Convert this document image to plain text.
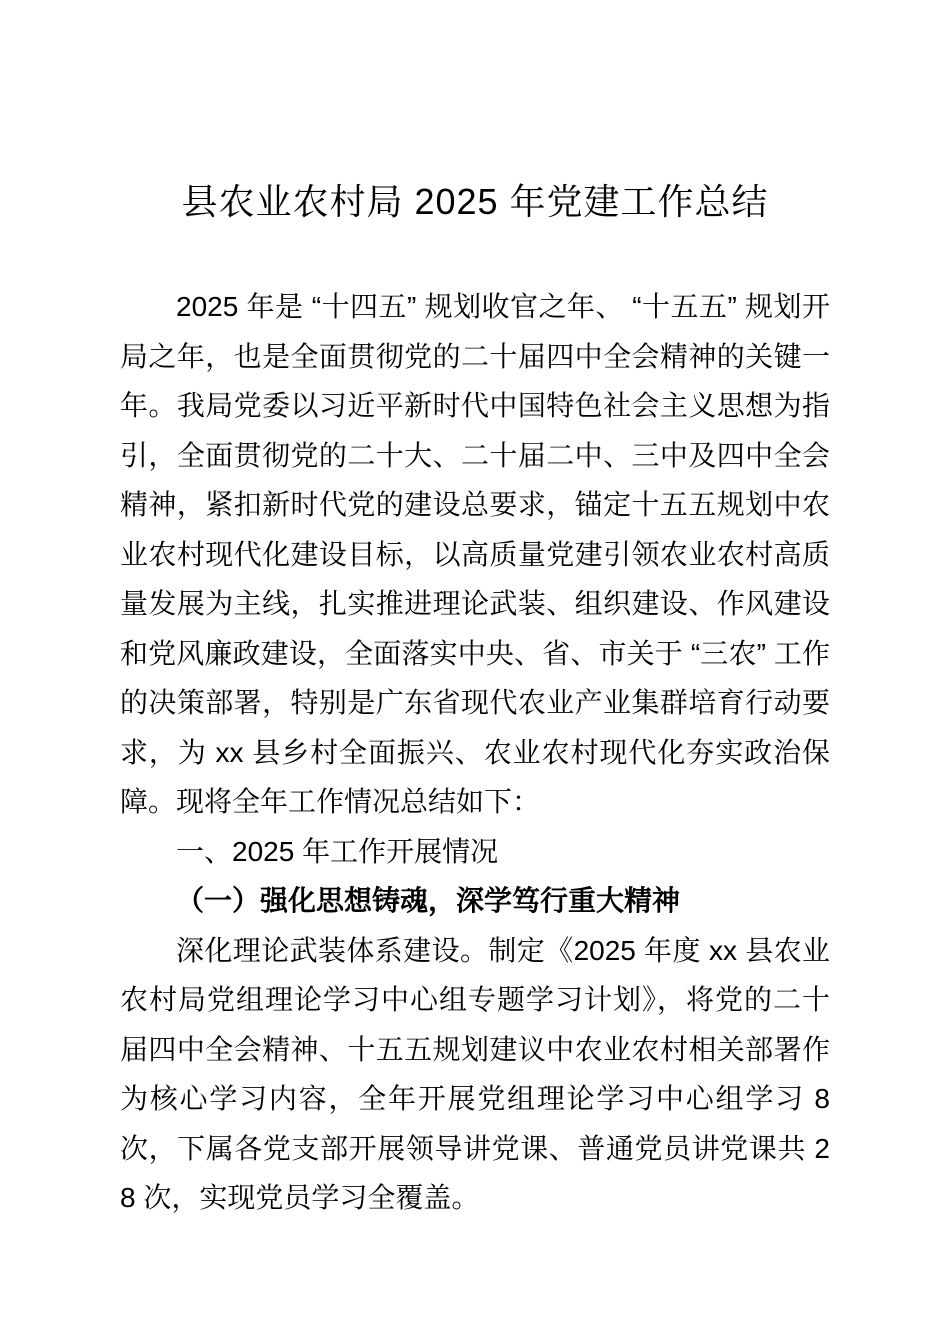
县农业农村局 2025 年党建工作总结

2025 年是 “十四五” 规划收官之年、 “十五五” 规划开局之年，也是全面贯彻党的二十届四中全会精神的关键一年。我局党委以习近平新时代中国特色社会主义思想为指引，全面贯彻党的二十大、二十届二中、三中及四中全会精神，紧扣新时代党的建设总要求，锚定十五五规划中农业农村现代化建设目标，以高质量党建引领农业农村高质量发展为主线，扎实推进理论武装、组织建设、作风建设和党风廉政建设，全面落实中央、省、市关于 “三农” 工作的决策部署，特别是广东省现代农业产业集群培育行动要求，为 xx 县乡村全面振兴、农业农村现代化夯实政治保障。现将全年工作情况总结如下：

一、2025 年工作开展情况

（一）强化思想铸魂，深学笃行重大精神

深化理论武装体系建设。制定《2025 年度 xx 县农业农村局党组理论学习中心组专题学习计划》，将党的二十届四中全会精神、十五五规划建议中农业农村相关部署作为核心学习内容，全年开展党组理论学习中心组学习 8 次，下属各党支部开展领导讲党课、普通党员讲党课共 28 次，实现党员学习全覆盖。
